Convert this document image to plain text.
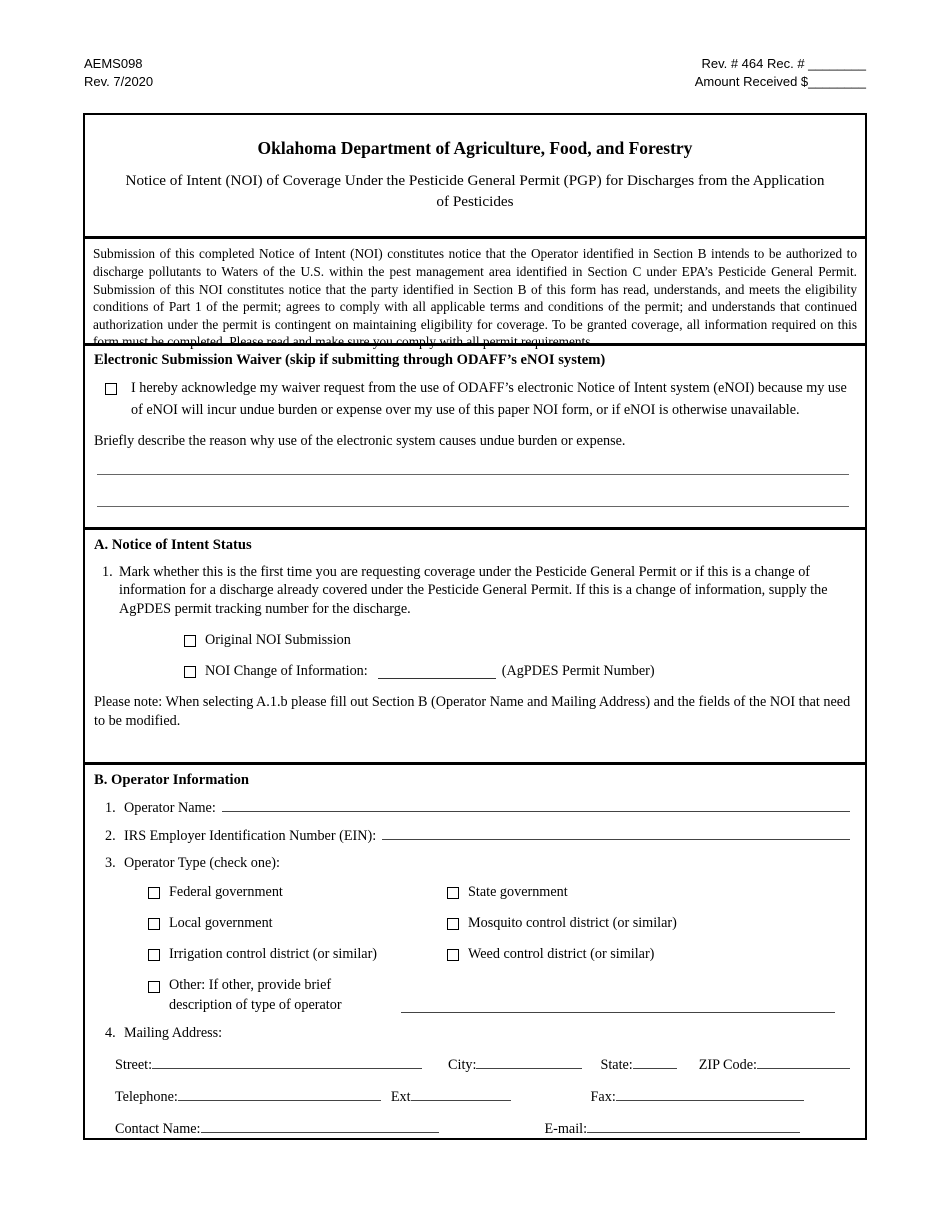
AEMS098
Rev. 7/2020
Rev. # 464 Rec. # ________
Amount Received $________
Oklahoma Department of Agriculture, Food, and Forestry
Notice of Intent (NOI) of Coverage Under the Pesticide General Permit (PGP) for Discharges from the Application of Pesticides
Submission of this completed Notice of Intent (NOI) constitutes notice that the Operator identified in Section B intends to be authorized to discharge pollutants to Waters of the U.S. within the pest management area identified in Section C under EPA’s Pesticide General Permit. Submission of this NOI constitutes notice that the party identified in Section B of this form has read, understands, and meets the eligibility conditions of Part 1 of the permit; agrees to comply with all applicable terms and conditions of the permit; and understands that continued authorization under the permit is contingent on maintaining eligibility for coverage. To be granted coverage, all information required on this form must be completed. Please read and make sure you comply with all permit requirements.
Electronic Submission Waiver (skip if submitting through ODAFF’s eNOI system)
I hereby acknowledge my waiver request from the use of ODAFF’s electronic Notice of Intent system (eNOI) because my use of eNOI will incur undue burden or expense over my use of this paper NOI form, or if eNOI is otherwise unavailable.
Briefly describe the reason why use of the electronic system causes undue burden or expense.
A. Notice of Intent Status
1. Mark whether this is the first time you are requesting coverage under the Pesticide General Permit or if this is a change of information for a discharge already covered under the Pesticide General Permit. If this is a change of information, supply the AgPDES permit tracking number for the discharge.
Original NOI Submission
NOI Change of Information:	(AgPDES Permit Number)
Please note: When selecting A.1.b please fill out Section B (Operator Name and Mailing Address) and the fields of the NOI that need to be modified.
B. Operator Information
1. Operator Name:
2. IRS Employer Identification Number (EIN):
3. Operator Type (check one):
Federal government	State government
Local government	Mosquito control district (or similar)
Irrigation control district (or similar)	Weed control district (or similar)
Other: If other, provide brief
description of type of operator
4. Mailing Address:
Street:	City:	State:	ZIP Code:
Telephone:	Ext	Fax:
Contact Name:	E-mail:
